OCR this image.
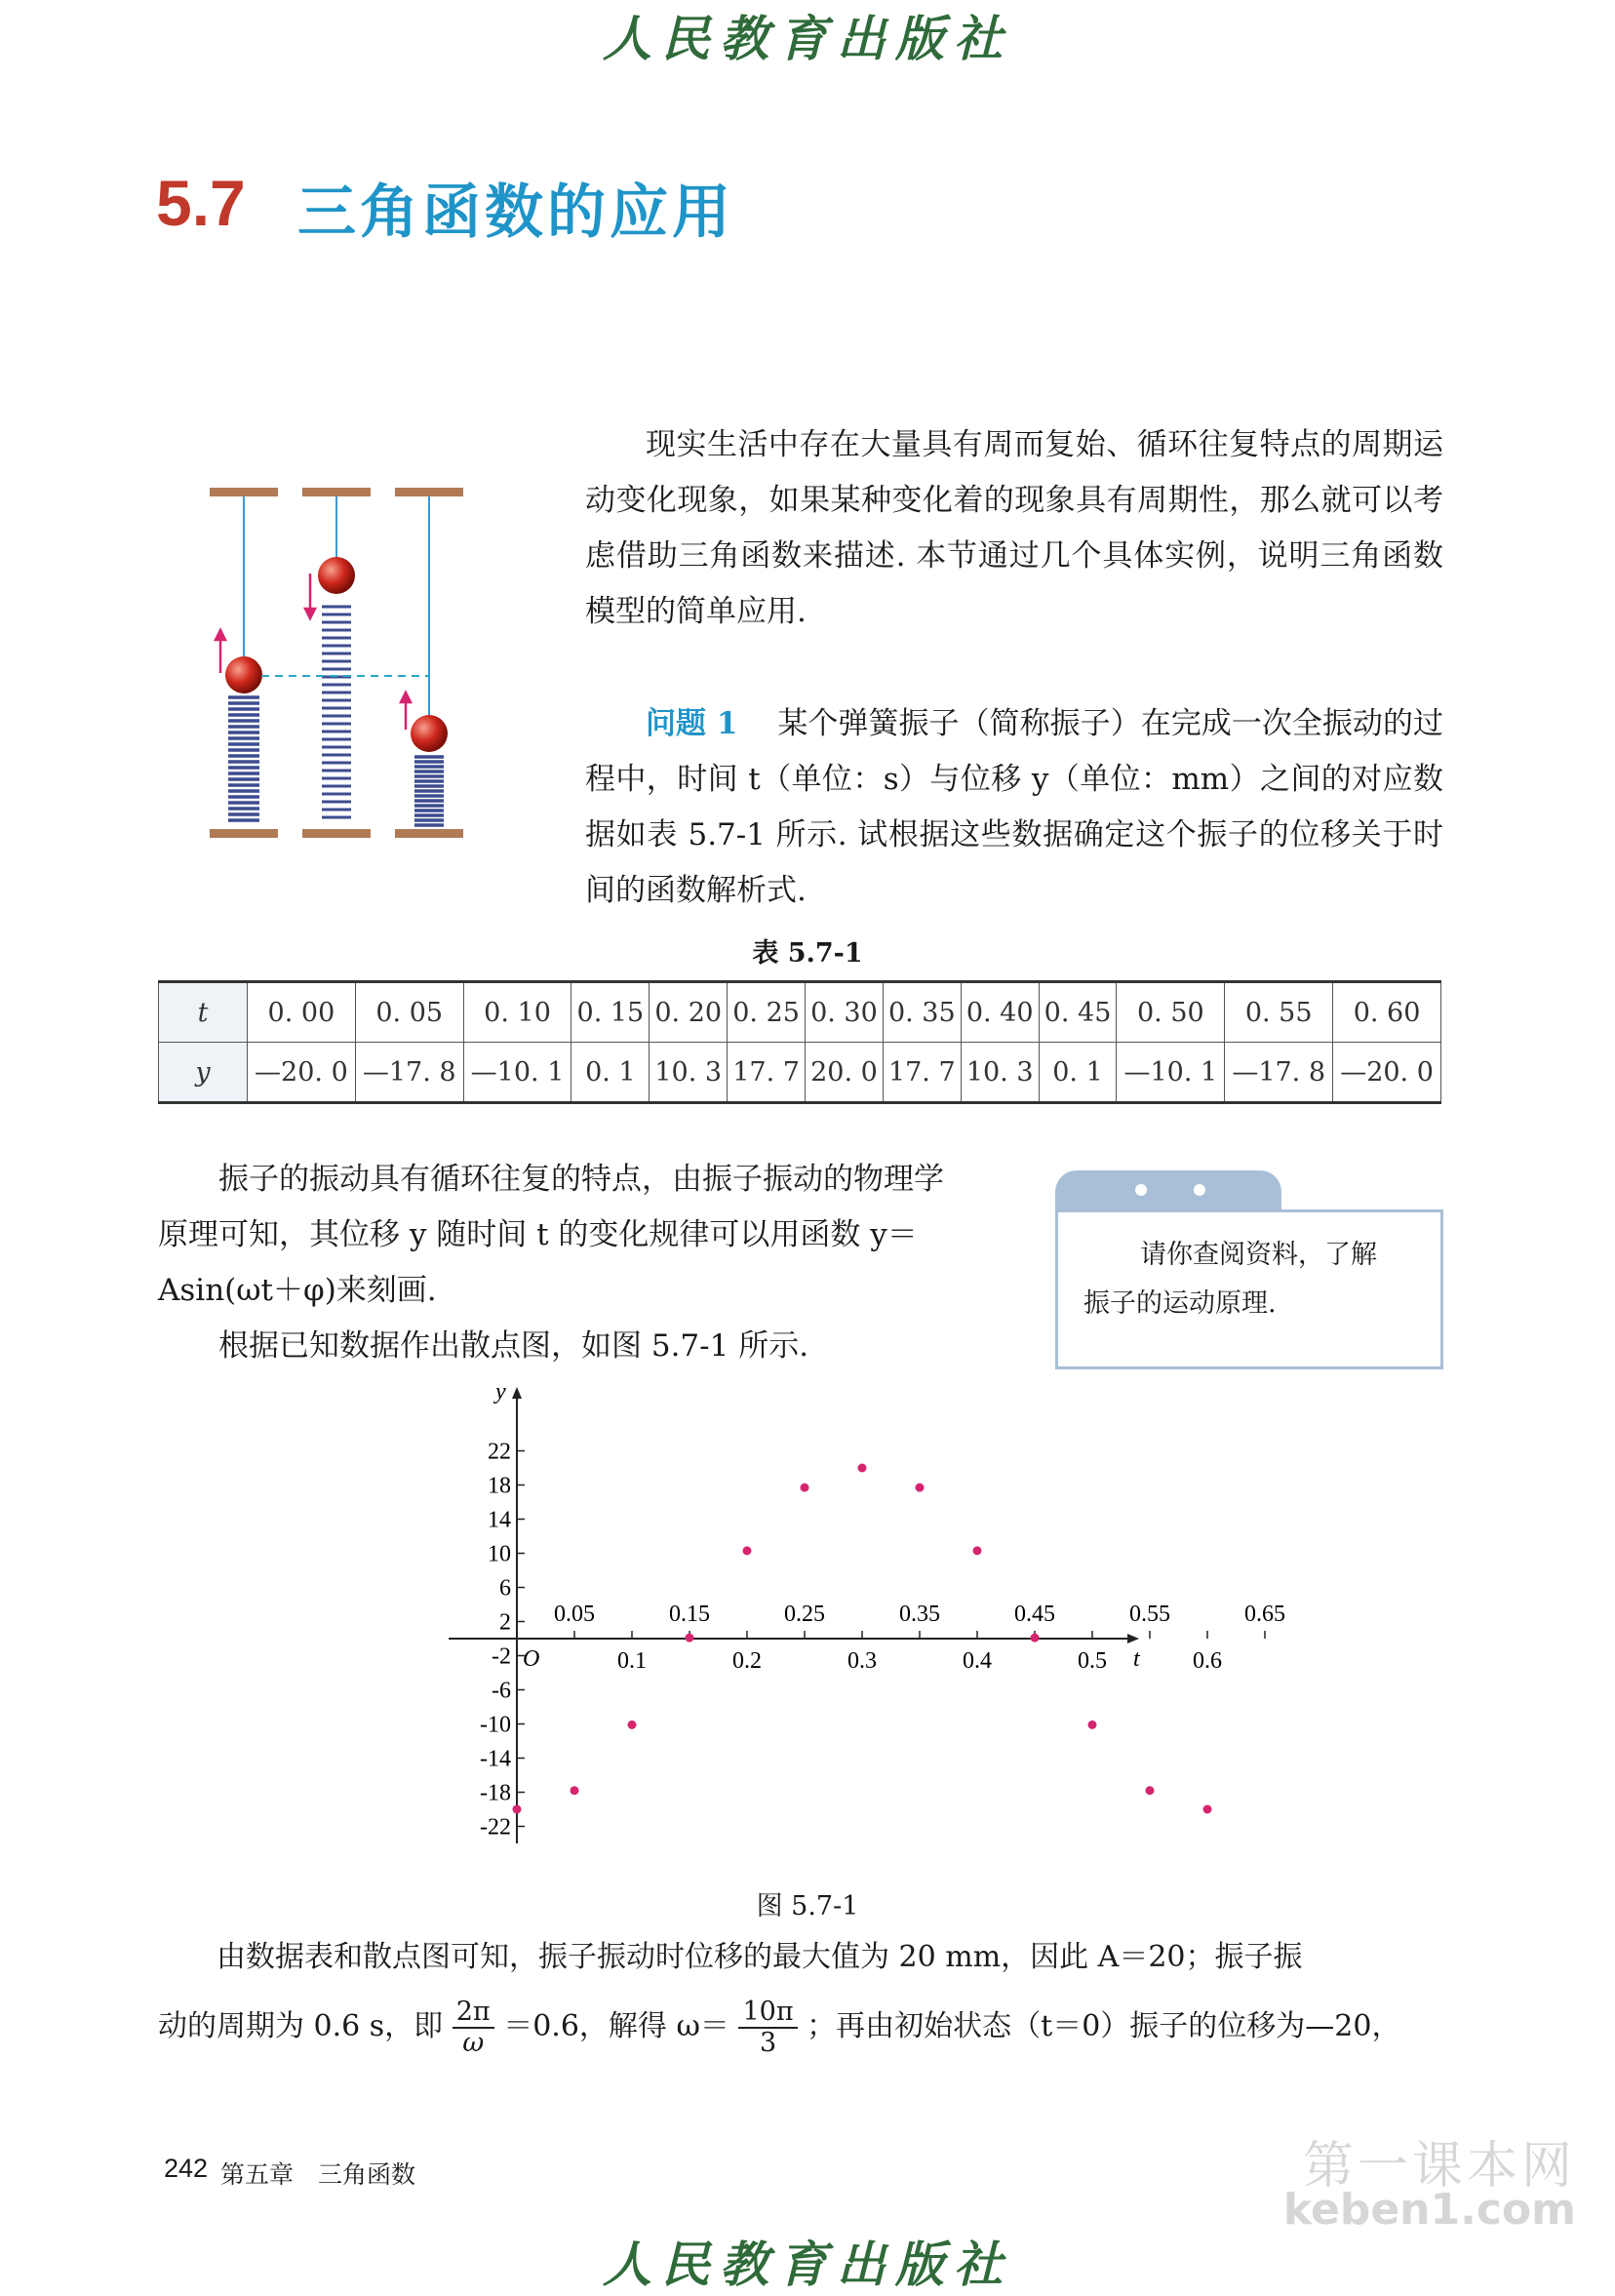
人民教育出版社
5.7 三角函数的应用
现实生活中存在大量具有周而复始、循环往复特点的周期运动变化现象，如果某种变化着的现象具有周期性，那么就可以考虑借助三角函数来描述. 本节通过几个具体实例，说明三角函数模型的简单应用.
问题 1 　 某个弹簧振子（简称振子）在完成一次全振动的过程中，时间 t（单位：s）与位移 y（单位：mm）之间的对应数据如表 5.7-1 所示. 试根据这些数据确定这个振子的位移关于时间的函数解析式.
表 5.7-1
t	0. 00	0. 05	0. 10	0. 15	0. 20	0. 25	0. 30	0. 35	0. 40	0. 45	0. 50	0. 55	0. 60
y	—20. 0	—17. 8	—10. 1	0. 1	10. 3	17. 7	20. 0	17. 7	10. 3	0. 1	—10. 1	—17. 8	—20. 0
振子的振动具有循环往复的特点，由振子振动的物理学
原理可知，其位移 y 随时间 t 的变化规律可以用函数 y＝
Asin(ωt＋φ)来刻画.
根据已知数据作出散点图，如图 5.7-1 所示.
请你查阅资料，了解
振子的运动原理.
t
y
O
22
18
14
10
6
2
-2
-6
-10
-14
-18
-22
0.05	0.15	0.25	0.35	0.45	0.55	0.65
0.1	0.2	0.3	0.4	0.5	0.6
图 5.7-1
由数据表和散点图可知，振子振动时位移的最大值为 20 mm，因此 A＝20；振子振
动的周期为 0.6 s，即 $\frac{2\pi}{\omega} =0.6$，解得 $\omega= \frac{10\pi}{3}$ ；再由初始状态（t＝0）振子的位移为—20，
242 第五章　三角函数
人民教育出版社
第一课本网
keben1.com
